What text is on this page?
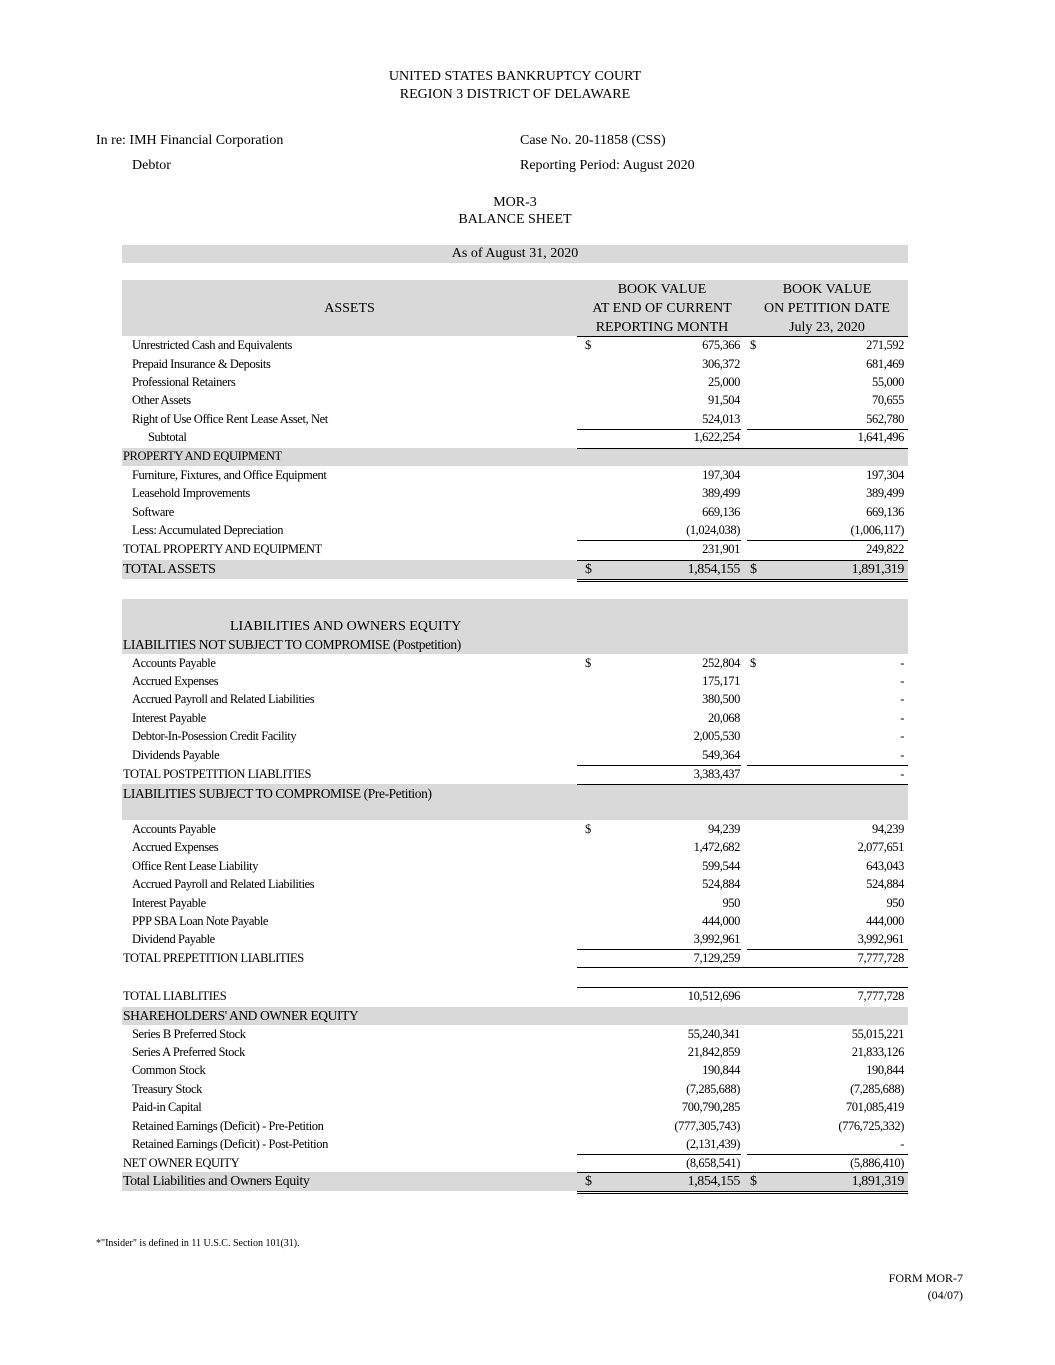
UNITED STATES BANKRUPTCY COURT
REGION 3 DISTRICT OF DELAWARE
In re: IMH Financial Corporation
Debtor
Case No. 20-11858 (CSS)
Reporting Period: August 2020
MOR-3
BALANCE SHEET
As of August 31, 2020
ASSETS
BOOK VALUE
AT END OF CURRENT
REPORTING MONTH
BOOK VALUE
ON PETITION DATE
July 23, 2020
Unrestricted Cash and Equivalents	$	675,366 $	271,592
Prepaid Insurance & Deposits	306,372	681,469
Professional Retainers	25,000	55,000
Other Assets	91,504	70,655
Right of Use Office Rent Lease Asset, Net	524,013	562,780
Subtotal	1,622,254	1,641,496
PROPERTY AND EQUIPMENT
Furniture, Fixtures, and Office Equipment	197,304	197,304
Leasehold Improvements	389,499	389,499
Software	669,136	669,136
Less: Accumulated Depreciation	(1,024,038)	(1,006,117)
TOTAL PROPERTY AND EQUIPMENT	231,901	249,822
TOTAL ASSETS	$	1,854,155 $	1,891,319
LIABILITIES AND OWNERS EQUITY
LIABILITIES NOT SUBJECT TO COMPROMISE (Postpetition)
Accounts Payable	$	252,804 $	-
Accrued Expenses	175,171	-
Accrued Payroll and Related Liabilities	380,500	-
Interest Payable	20,068	-
Debtor-In-Posession Credit Facility	2,005,530	-
Dividends Payable	549,364	-
TOTAL POSTPETITION LIABLITIES	3,383,437	-
LIABILITIES SUBJECT TO COMPROMISE (Pre-Petition)
Accounts Payable	$	94,239	94,239
Accrued Expenses	1,472,682	2,077,651
Office Rent Lease Liability	599,544	643,043
Accrued Payroll and Related Liabilities	524,884	524,884
Interest Payable	950	950
PPP SBA Loan Note Payable	444,000	444,000
Dividend Payable	3,992,961	3,992,961
TOTAL PREPETITION LIABLITIES	7,129,259	7,777,728
TOTAL LIABLITIES	10,512,696	7,777,728
SHAREHOLDERS' AND OWNER EQUITY
Series B Preferred Stock	55,240,341	55,015,221
Series A Preferred Stock	21,842,859	21,833,126
Common Stock	190,844	190,844
Treasury Stock	(7,285,688)	(7,285,688)
Paid-in Capital	700,790,285	701,085,419
Retained Earnings (Deficit) - Pre-Petition	(777,305,743)	(776,725,332)
Retained Earnings (Deficit) - Post-Petition	(2,131,439)	-
NET OWNER EQUITY	(8,658,541)	(5,886,410)
Total Liabilities and Owners Equity	$	1,854,155 $	1,891,319
*"Insider" is defined in 11 U.S.C. Section 101(31).
FORM MOR-7
(04/07)
